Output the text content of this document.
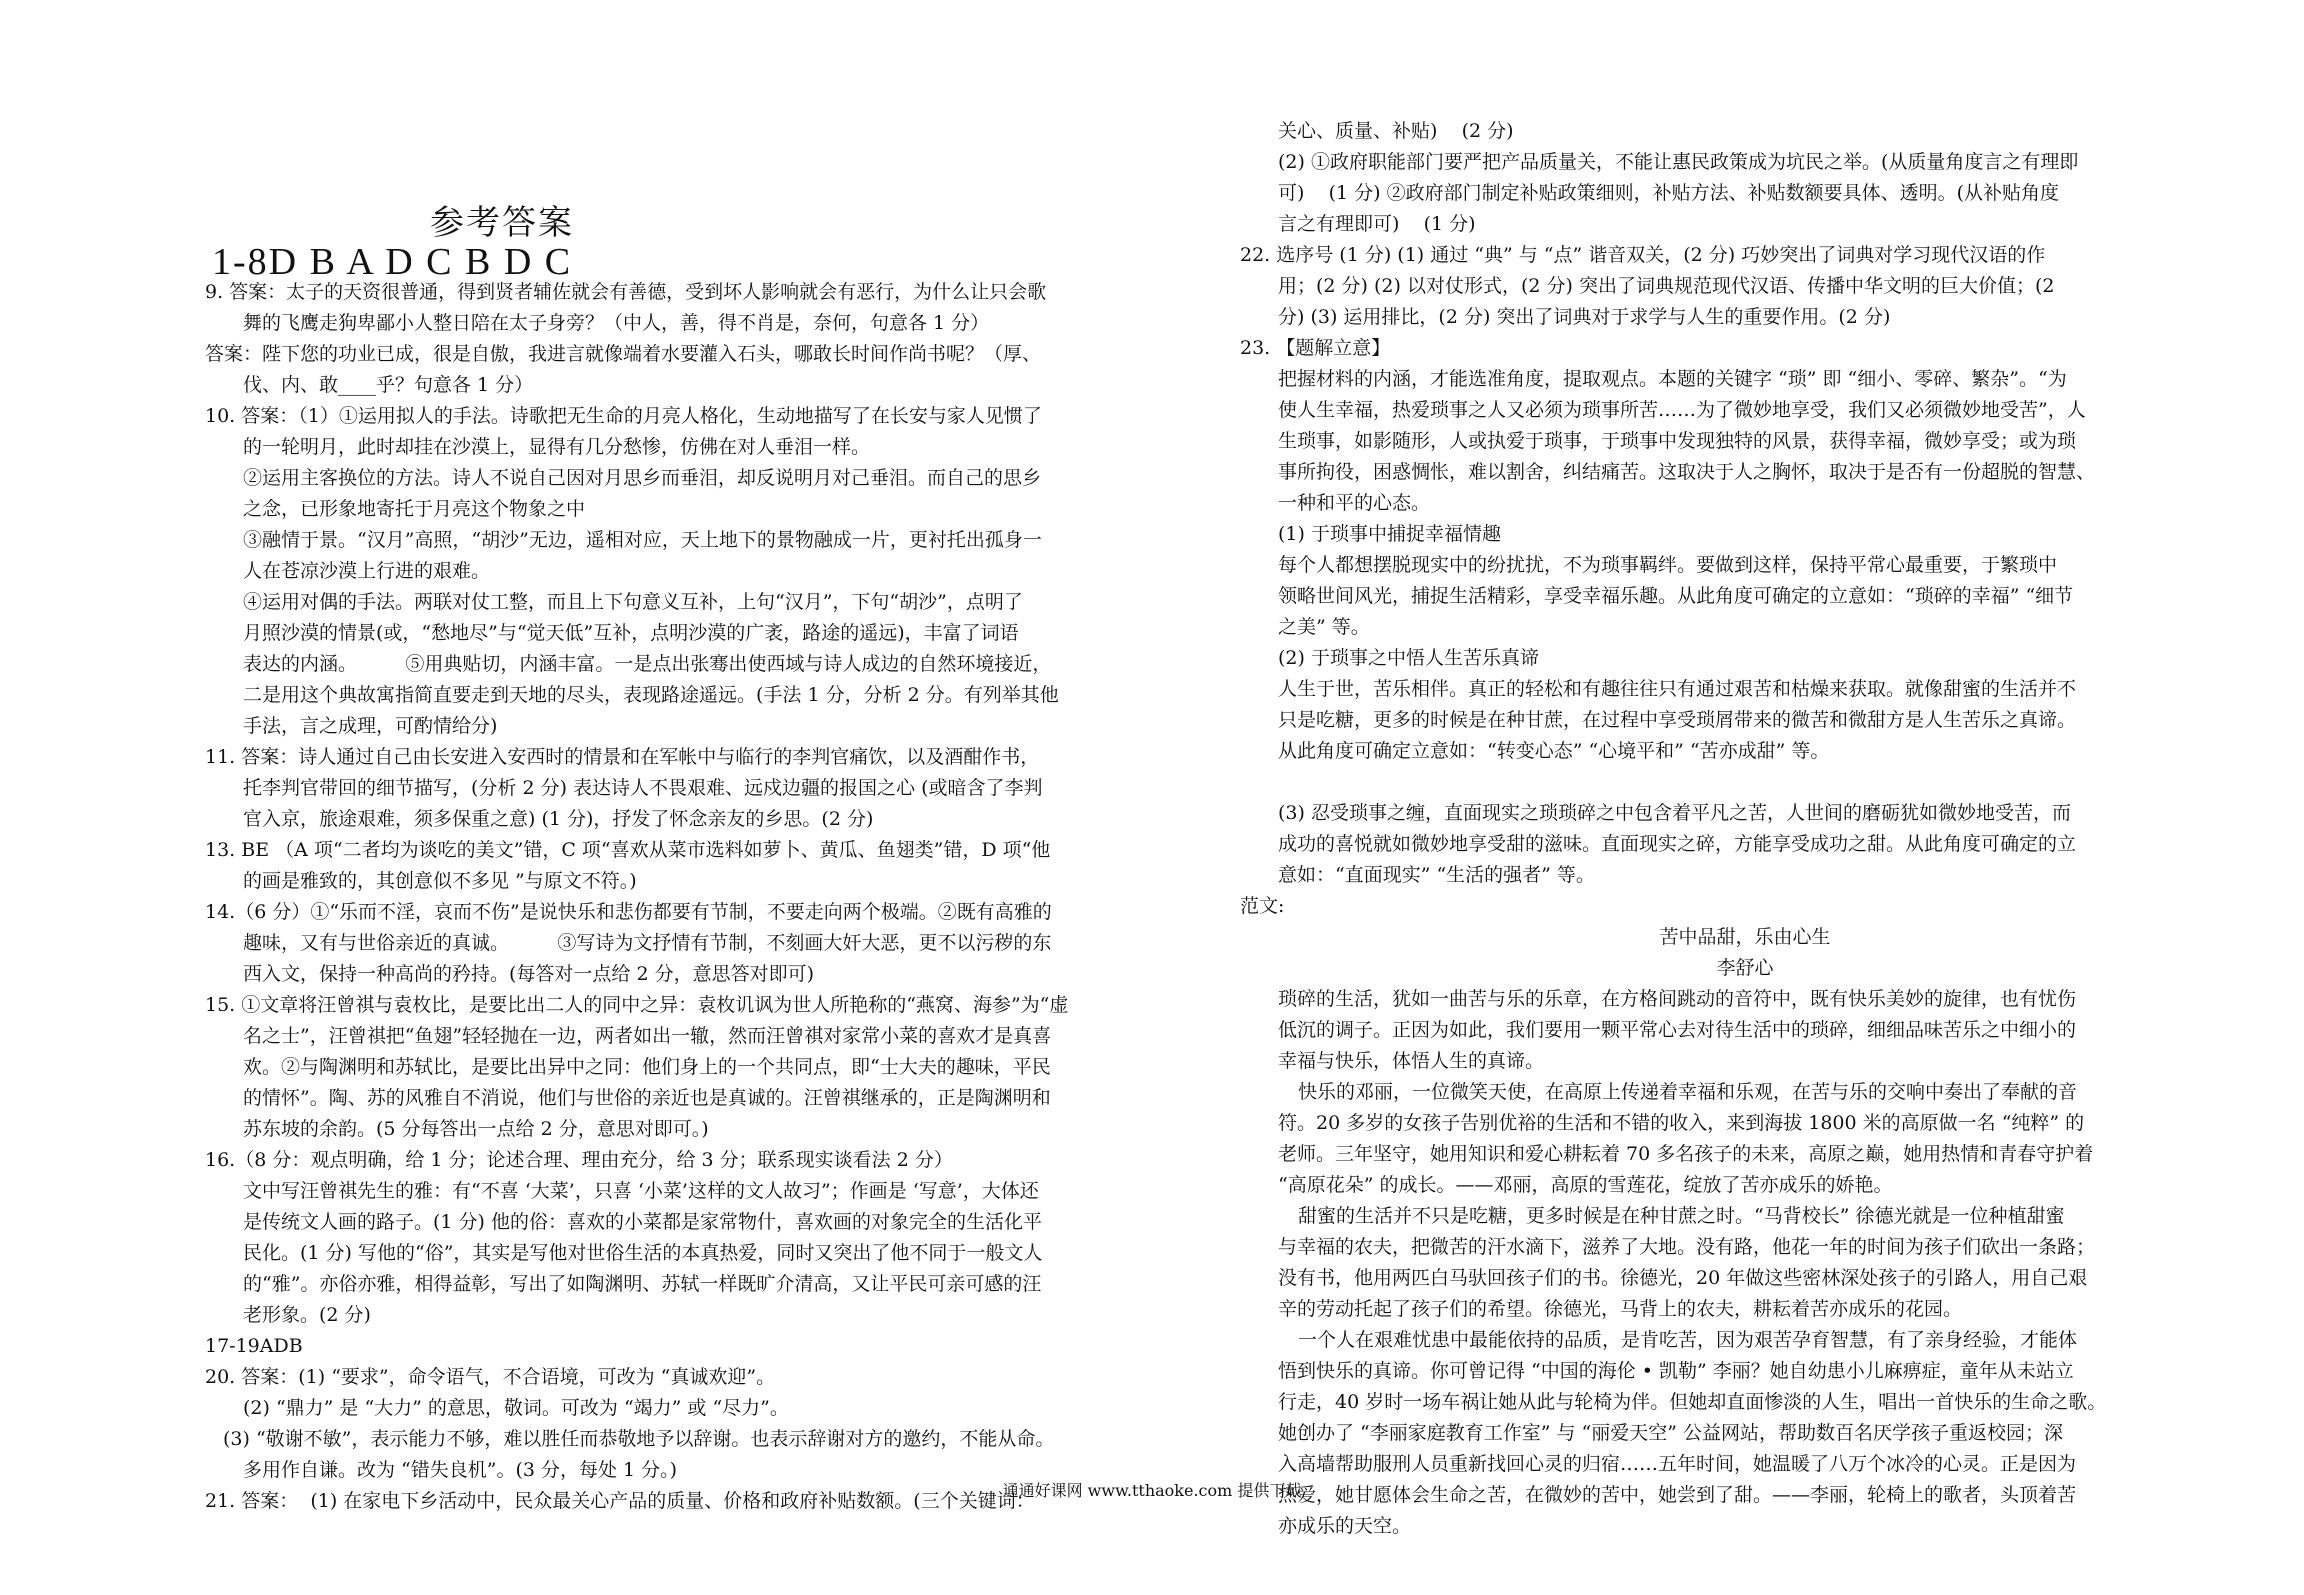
参考答案
1-8D B A D C B D C
9. 答案：太子的天资很普通，得到贤者辅佐就会有善德，受到坏人影响就会有恶行，为什么让只会歌
舞的飞鹰走狗卑鄙小人整日陪在太子身旁？（中人，善，得不肖是，奈何，句意各 1 分）
答案：陛下您的功业已成，很是自傲，我进言就像端着水要灌入石头，哪敢长时间作尚书呢？（厚、
伐、内、敢____乎？句意各 1 分）
10. 答案：（1）①运用拟人的手法。诗歌把无生命的月亮人格化，生动地描写了在长安与家人见惯了
的一轮明月，此时却挂在沙漠上，显得有几分愁惨，仿佛在对人垂泪一样。
②运用主客换位的方法。诗人不说自己因对月思乡而垂泪，却反说明月对己垂泪。而自己的思乡
之念，已形象地寄托于月亮这个物象之中
③融情于景。“汉月”高照，“胡沙”无边，遥相对应，天上地下的景物融成一片，更衬托出孤身一
人在苍凉沙漠上行进的艰难。
④运用对偶的手法。两联对仗工整，而且上下句意义互补，上句“汉月”，下句“胡沙”，点明了
月照沙漠的情景(或，“愁地尽”与“觉天低”互补，点明沙漠的广袤，路途的遥远)，丰富了词语
表达的内涵。        ⑤用典贴切，内涵丰富。一是点出张骞出使西域与诗人成边的自然环境接近，
二是用这个典故寓指简直要走到天地的尽头，表现路途遥远。(手法 1 分，分析 2 分。有列举其他
手法，言之成理，可酌情给分)
11. 答案：诗人通过自己由长安进入安西时的情景和在军帐中与临行的李判官痛饮，以及酒酣作书，
托李判官带回的细节描写，(分析 2 分) 表达诗人不畏艰难、远戍边疆的报国之心 (或暗含了李判
官入京，旅途艰难，须多保重之意) (1 分)，抒发了怀念亲友的乡思。(2 分)
13. BE （A 项“二者均为谈吃的美文”错，C 项“喜欢从菜市选料如萝卜、黄瓜、鱼翅类”错，D 项“他
的画是雅致的，其创意似不多见 ”与原文不符。)
14.（6 分）①“乐而不淫，哀而不伤”是说快乐和悲伤都要有节制，不要走向两个极端。②既有高雅的
趣味，又有与世俗亲近的真诚。        ③写诗为文抒情有节制，不刻画大奸大恶，更不以污秽的东
西入文，保持一种高尚的矜持。(每答对一点给 2 分，意思答对即可)
15. ①文章将汪曾祺与袁枚比，是要比出二人的同中之异：袁枚讥讽为世人所艳称的“燕窝、海参”为“虚
名之士”，汪曾祺把“鱼翅”轻轻抛在一边，两者如出一辙，然而汪曾祺对家常小菜的喜欢才是真喜
欢。②与陶渊明和苏轼比，是要比出异中之同：他们身上的一个共同点，即“士大夫的趣味，平民
的情怀”。陶、苏的风雅自不消说，他们与世俗的亲近也是真诚的。汪曾祺继承的，正是陶渊明和
苏东坡的余韵。(5 分每答出一点给 2 分，意思对即可。)
16.（8 分：观点明确，给 1 分；论述合理、理由充分，给 3 分；联系现实谈看法 2 分）
文中写汪曾祺先生的雅：有“不喜 ‘大菜’，只喜 ‘小菜’这样的文人故习”；作画是 ‘写意’，大体还
是传统文人画的路子。(1 分) 他的俗：喜欢的小菜都是家常物什，喜欢画的对象完全的生活化平
民化。(1 分) 写他的“俗”，其实是写他对世俗生活的本真热爱，同时又突出了他不同于一般文人
的“雅”。亦俗亦雅，相得益彰，写出了如陶渊明、苏轼一样既旷介清高，又让平民可亲可感的汪
老形象。(2 分)
17-19ADB
20. 答案：(1) “要求”，命令语气，不合语境，可改为 “真诚欢迎”。
(2) “鼎力” 是 “大力” 的意思，敬词。可改为 “竭力” 或 “尽力”。
(3) “敬谢不敏”，表示能力不够，难以胜任而恭敬地予以辞谢。也表示辞谢对方的邀约，不能从命。
多用作自谦。改为 “错失良机”。(3 分，每处 1 分。)
21. 答案：  (1) 在家电下乡活动中，民众最关心产品的质量、价格和政府补贴数额。(三个关键词：
关心、质量、补贴)    (2 分)
(2) ①政府职能部门要严把产品质量关，不能让惠民政策成为坑民之举。(从质量角度言之有理即
可)    (1 分) ②政府部门制定补贴政策细则，补贴方法、补贴数额要具体、透明。(从补贴角度
言之有理即可)    (1 分)
22. 选序号 (1 分) (1) 通过 “典” 与 “点” 谐音双关，(2 分) 巧妙突出了词典对学习现代汉语的作
用；(2 分) (2) 以对仗形式，(2 分) 突出了词典规范现代汉语、传播中华文明的巨大价值；(2
分) (3) 运用排比，(2 分) 突出了词典对于求学与人生的重要作用。(2 分)
23. 【题解立意】
把握材料的内涵，才能选准角度，提取观点。本题的关键字 “琐” 即 “细小、零碎、繁杂”。“为
使人生幸福，热爱琐事之人又必须为琐事所苦……为了微妙地享受，我们又必须微妙地受苦”，人
生琐事，如影随形，人或执爱于琐事，于琐事中发现独特的风景，获得幸福，微妙享受；或为琐
事所拘役，困惑惆怅，难以割舍，纠结痛苦。这取决于人之胸怀，取决于是否有一份超脱的智慧、
一种和平的心态。
(1) 于琐事中捕捉幸福情趣
每个人都想摆脱现实中的纷扰扰，不为琐事羁绊。要做到这样，保持平常心最重要，于繁琐中
领略世间风光，捕捉生活精彩，享受幸福乐趣。从此角度可确定的立意如：“琐碎的幸福” “细节
之美” 等。
(2) 于琐事之中悟人生苦乐真谛
人生于世，苦乐相伴。真正的轻松和有趣往往只有通过艰苦和枯燥来获取。就像甜蜜的生活并不
只是吃糖，更多的时候是在种甘蔗，在过程中享受琐屑带来的微苦和微甜方是人生苦乐之真谛。
从此角度可确定立意如：“转变心态” “心境平和” “苦亦成甜” 等。

(3) 忍受琐事之缠，直面现实之琐琐碎之中包含着平凡之苦，人世间的磨砺犹如微妙地受苦，而
成功的喜悦就如微妙地享受甜的滋味。直面现实之碎，方能享受成功之甜。从此角度可确定的立
意如：“直面现实” “生活的强者” 等。
范文:
苦中品甜，乐由心生
李舒心
琐碎的生活，犹如一曲苦与乐的乐章，在方格间跳动的音符中，既有快乐美妙的旋律，也有忧伤
低沉的调子。正因为如此，我们要用一颗平常心去对待生活中的琐碎，细细品味苦乐之中细小的
幸福与快乐，体悟人生的真谛。
快乐的邓丽，一位微笑天使，在高原上传递着幸福和乐观，在苦与乐的交响中奏出了奉献的音
符。20 多岁的女孩子告别优裕的生活和不错的收入，来到海拔 1800 米的高原做一名 “纯粹” 的
老师。三年坚守，她用知识和爱心耕耘着 70 多名孩子的未来，高原之巅，她用热情和青春守护着
“高原花朵” 的成长。——邓丽，高原的雪莲花，绽放了苦亦成乐的娇艳。
甜蜜的生活并不只是吃糖，更多时候是在种甘蔗之时。“马背校长” 徐德光就是一位种植甜蜜
与幸福的农夫，把微苦的汗水滴下，滋养了大地。没有路，他花一年的时间为孩子们砍出一条路；
没有书，他用两匹白马驮回孩子们的书。徐德光，20 年做这些密林深处孩子的引路人，用自己艰
辛的劳动托起了孩子们的希望。徐德光，马背上的农夫，耕耘着苦亦成乐的花园。
一个人在艰难忧患中最能依持的品质，是肯吃苦，因为艰苦孕育智慧，有了亲身经验，才能体
悟到快乐的真谛。你可曾记得 “中国的海伦 • 凯勒” 李丽？她自幼患小儿麻痹症，童年从未站立
行走，40 岁时一场车祸让她从此与轮椅为伴。但她却直面惨淡的人生，唱出一首快乐的生命之歌。
她创办了 “李丽家庭教育工作室” 与 “丽爱天空” 公益网站，帮助数百名厌学孩子重返校园；深
入高墙帮助服刑人员重新找回心灵的归宿……五年时间，她温暖了八万个冰冷的心灵。正是因为
热爱，她甘愿体会生命之苦，在微妙的苦中，她尝到了甜。——李丽，轮椅上的歌者，头顶着苦
亦成乐的天空。
通通好课网 www.tthaoke.com 提供下载
